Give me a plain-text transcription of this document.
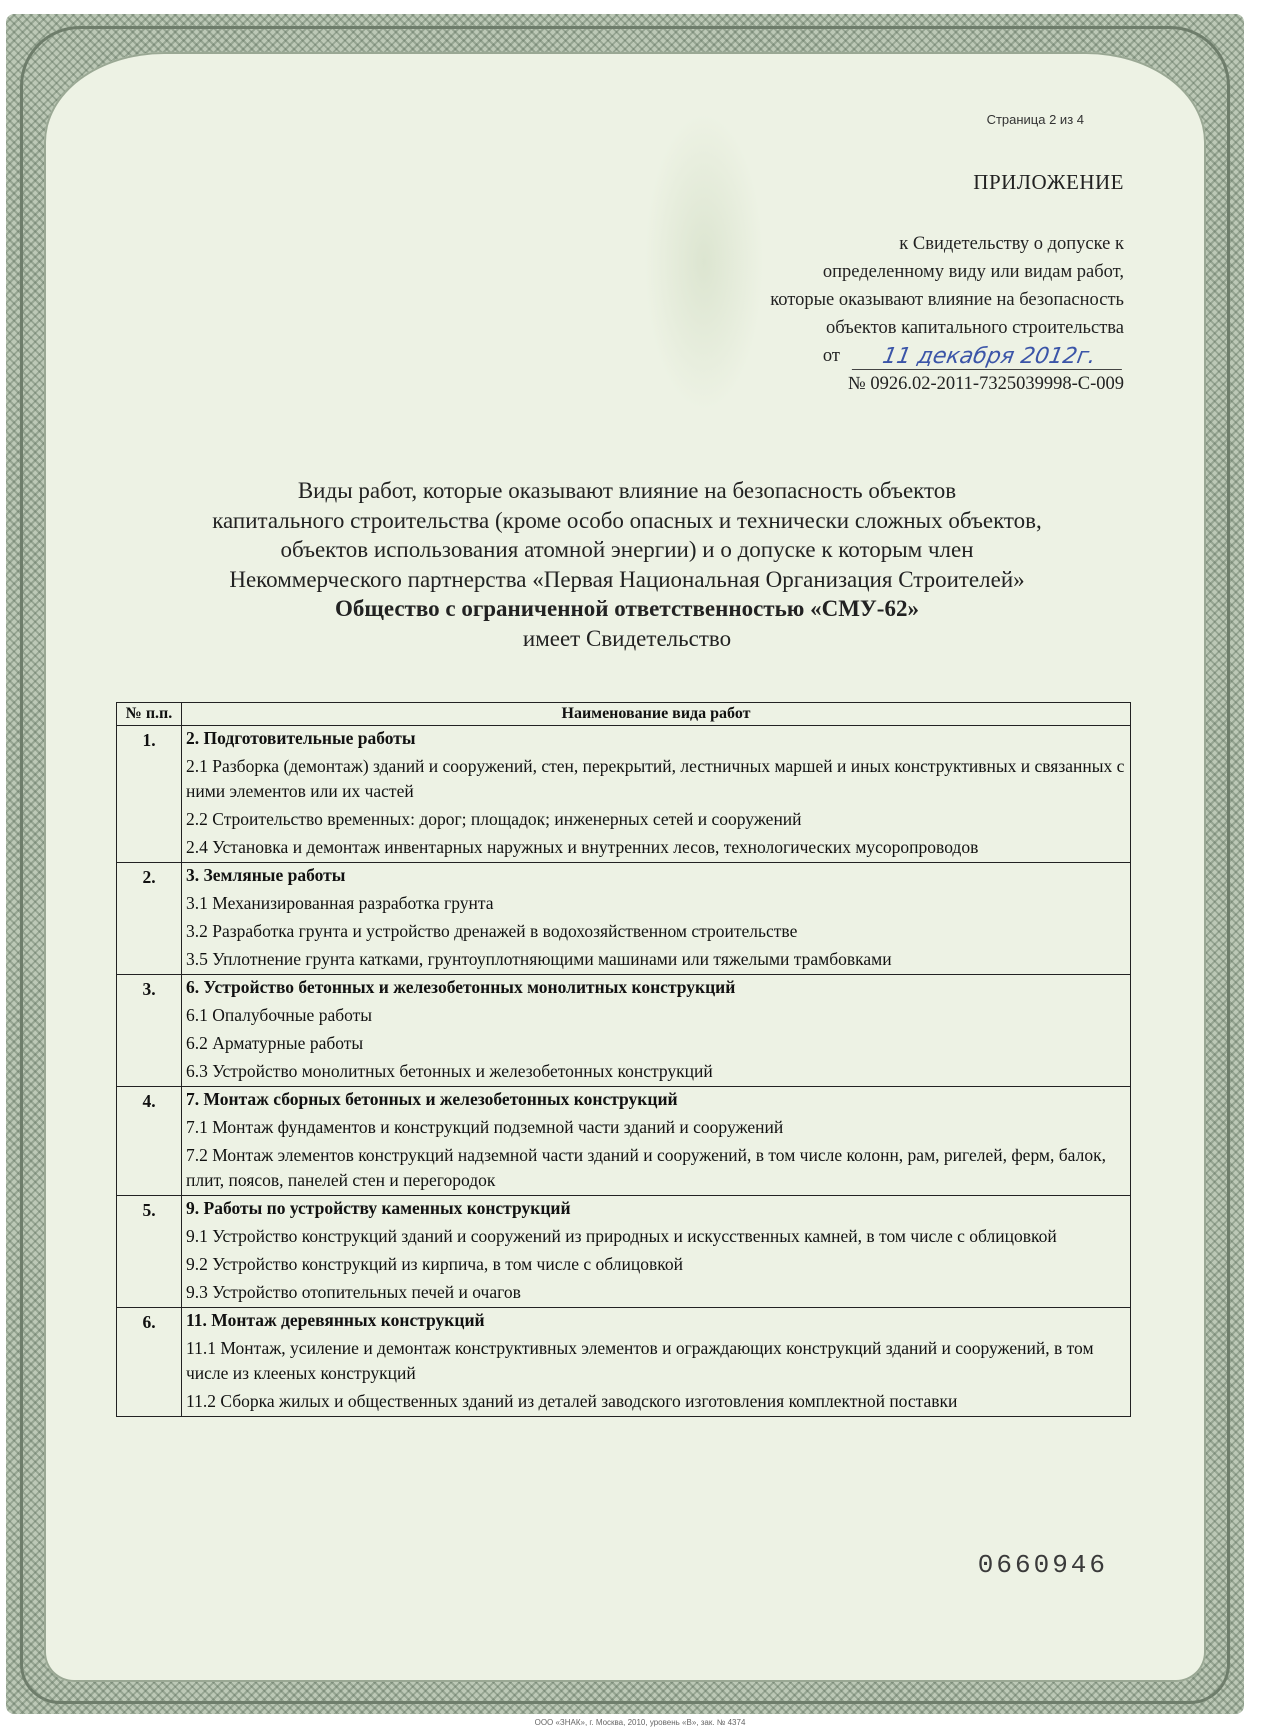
Страница 2 из 4
ПРИЛОЖЕНИЕ
к Свидетельству о допуске к
определенному виду или видам работ,
которые оказывают влияние на безопасность
объектов капитального строительства
от	11 декабря 2012г.
№ 0926.02-2011-7325039998-С-009
Виды работ, которые оказывают влияние на безопасность объектов
капитального строительства (кроме особо опасных и технически сложных объектов,
объектов использования атомной энергии) и о допуске к которым член
Некоммерческого партнерства «Первая Национальная Организация Строителей»
Общество с ограниченной ответственностью «СМУ-62»
имеет Свидетельство
№ п.п.	Наименование вида работ
1.	2. Подготовительные работы
2.1 Разборка (демонтаж) зданий и сооружений, стен, перекрытий, лестничных маршей и иных конструктивных и связанных с ними элементов или их частей
2.2 Строительство временных: дорог; площадок; инженерных сетей и сооружений
2.4 Установка и демонтаж инвентарных наружных и внутренних лесов, технологических мусоропроводов

2.	3. Земляные работы
3.1 Механизированная разработка грунта
3.2 Разработка грунта и устройство дренажей в водохозяйственном строительстве
3.5 Уплотнение грунта катками, грунтоуплотняющими машинами или тяжелыми трамбовками

3.	6. Устройство бетонных и железобетонных монолитных конструкций
6.1 Опалубочные работы
6.2 Арматурные работы
6.3 Устройство монолитных бетонных и железобетонных конструкций

4.	7. Монтаж сборных бетонных и железобетонных конструкций
7.1 Монтаж фундаментов и конструкций подземной части зданий и сооружений
7.2 Монтаж элементов конструкций надземной части зданий и сооружений, в том числе колонн, рам, ригелей, ферм, балок, плит, поясов, панелей стен и перегородок

5.	9. Работы по устройству каменных конструкций
9.1 Устройство конструкций зданий и сооружений из природных и искусственных камней, в том числе с облицовкой
9.2 Устройство конструкций из кирпича, в том числе с облицовкой
9.3 Устройство отопительных печей и очагов

6.	11. Монтаж деревянных конструкций
11.1 Монтаж, усиление и демонтаж конструктивных элементов и ограждающих конструкций зданий и сооружений, в том числе из клееных конструкций
11.2 Сборка жилых и общественных зданий из деталей заводского изготовления комплектной поставки
0660946
ООО «ЗНАК», г. Москва, 2010, уровень «В», зак. № 4374
